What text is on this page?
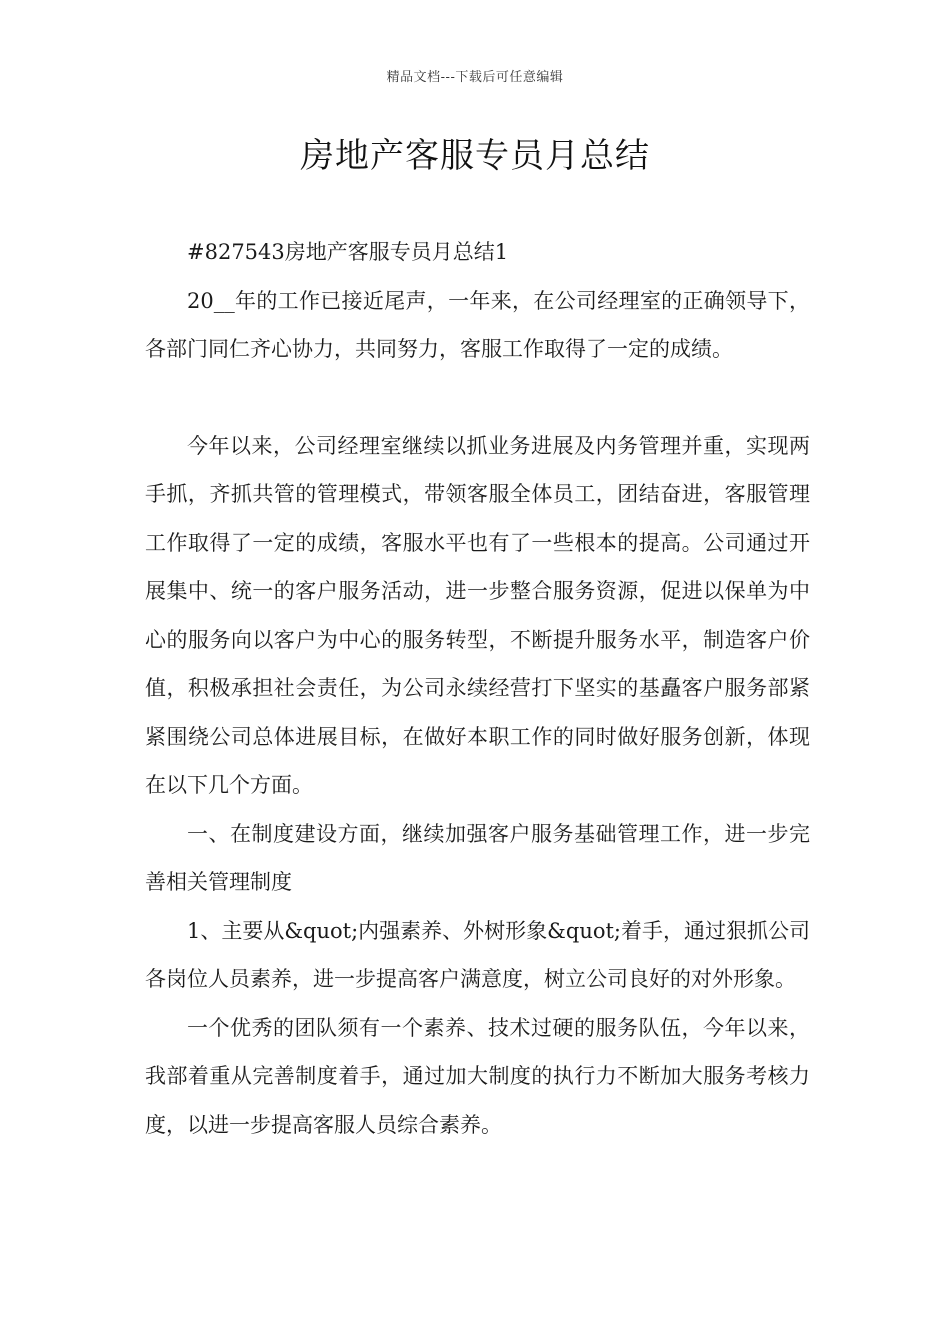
精品文档---下载后可任意编辑
房地产客服专员月总结

#827543房地产客服专员月总结1

20__年的工作已接近尾声，一年来，在公司经理室的正确领导下，各部门同仁齐心协力，共同努力，客服工作取得了一定的成绩。

今年以来，公司经理室继续以抓业务进展及内务管理并重，实现两手抓，齐抓共管的管理模式，带领客服全体员工，团结奋进，客服管理工作取得了一定的成绩，客服水平也有了一些根本的提高。公司通过开展集中、统一的客户服务活动，进一步整合服务资源，促进以保单为中心的服务向以客户为中心的服务转型，不断提升服务水平，制造客户价值，积极承担社会责任，为公司永续经营打下坚实的基矗客户服务部紧紧围绕公司总体进展目标，在做好本职工作的同时做好服务创新，体现在以下几个方面。

一、在制度建设方面，继续加强客户服务基础管理工作，进一步完善相关管理制度

1、主要从&quot;内强素养、外树形象&quot;着手，通过狠抓公司各岗位人员素养，进一步提高客户满意度，树立公司良好的对外形象。

一个优秀的团队须有一个素养、技术过硬的服务队伍，今年以来，我部着重从完善制度着手，通过加大制度的执行力不断加大服务考核力度，以进一步提高客服人员综合素养。
